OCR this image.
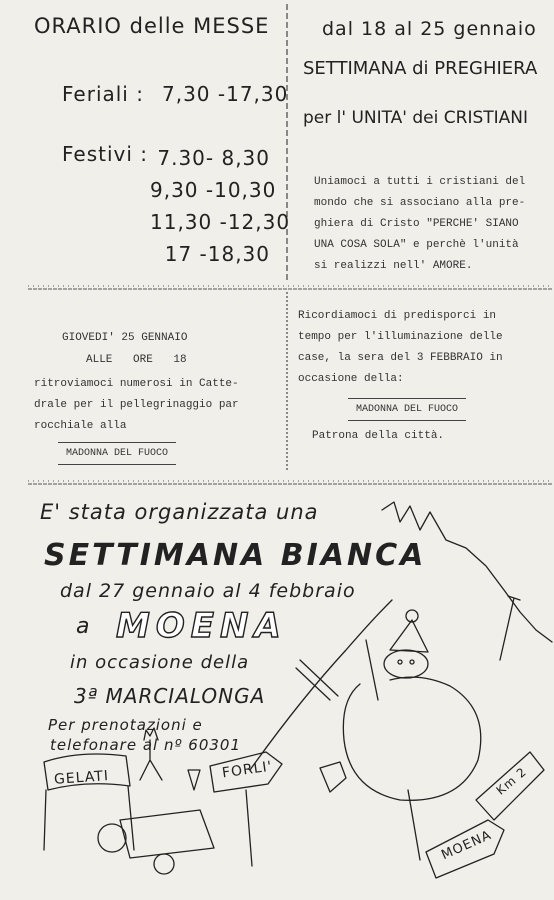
ORARIO delle MESSE
Feriali : 7,30 -17,30
Festivi : 7.30- 8,30
9,30 -10,30
11,30 -12,30
17 -18,30
dal 18 al 25 gennaio
SETTIMANA di PREGHIERA
per l' UNITA' dei CRISTIANI
Uniamoci a tutti i cristiani del
mondo che si associano alla pre-
ghiera di Cristo "PERCHE' SIANO
UNA COSA SOLA" e perchè l'unità
si realizzi nell' AMORE.
GIOVEDI' 25 GENNAIO
ALLE ORE 18
ritroviamoci numerosi in Catte-
drale per il pellegrinaggio par
rocchiale alla
MADONNA DEL FUOCO
Ricordiamoci di predisporci in
tempo per l'illuminazione delle
case, la sera del 3 FEBBRAIO in
occasione della:
MADONNA DEL FUOCO
Patrona della città.
E' stata organizzata una
SETTIMANA BIANCA
dal 27 gennaio al 4 febbraio
a MOENA
in occasione della
3ª MARCIALONGA
Per prenotazioni e
telefonare al nº 60301
GELATI	FORLI'
MOENA
Km 2
